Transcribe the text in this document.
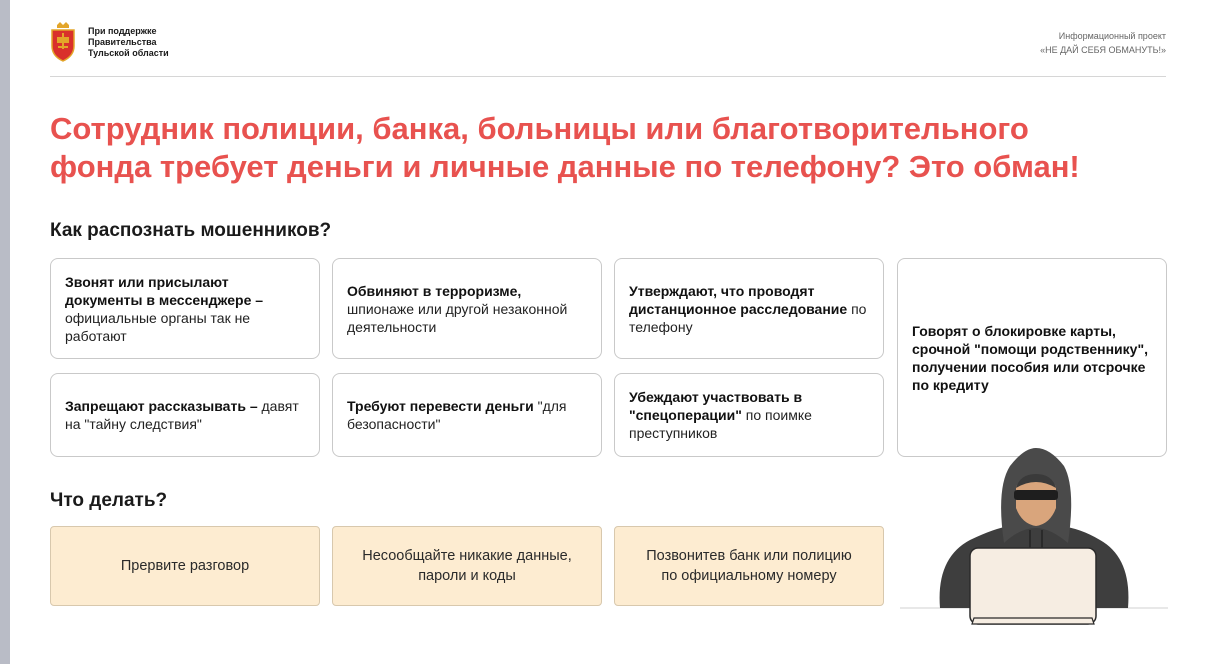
При поддержке
Правительства
Тульской области
Информационный проект
«НЕ ДАЙ СЕБЯ ОБМАНУТЬ!»
Сотрудник полиции, банка, больницы или благотворительного
фонда требует деньги и личные данные по телефону? Это обман!
Как распознать мошенников?
Звонят или присылают документы в мессенджере – официальные органы так не работают
Обвиняют в терроризме, шпионаже или другой незаконной деятельности
Утверждают, что проводят дистанционное расследование по телефону	Говорят о блокировке карты, срочной "помощи родственнику", получении пособия или отсрочке по кредиту
Запрещают рассказывать – давят на "тайну следствия"
Требуют перевести деньги "для безопасности"
Убеждают участвовать в "спецоперации" по поимке преступников
Что делать?
Прервите разговор
Несообщайте никакие данные,
пароли и коды
Позвонитев банк или полицию
по официальному номеру
